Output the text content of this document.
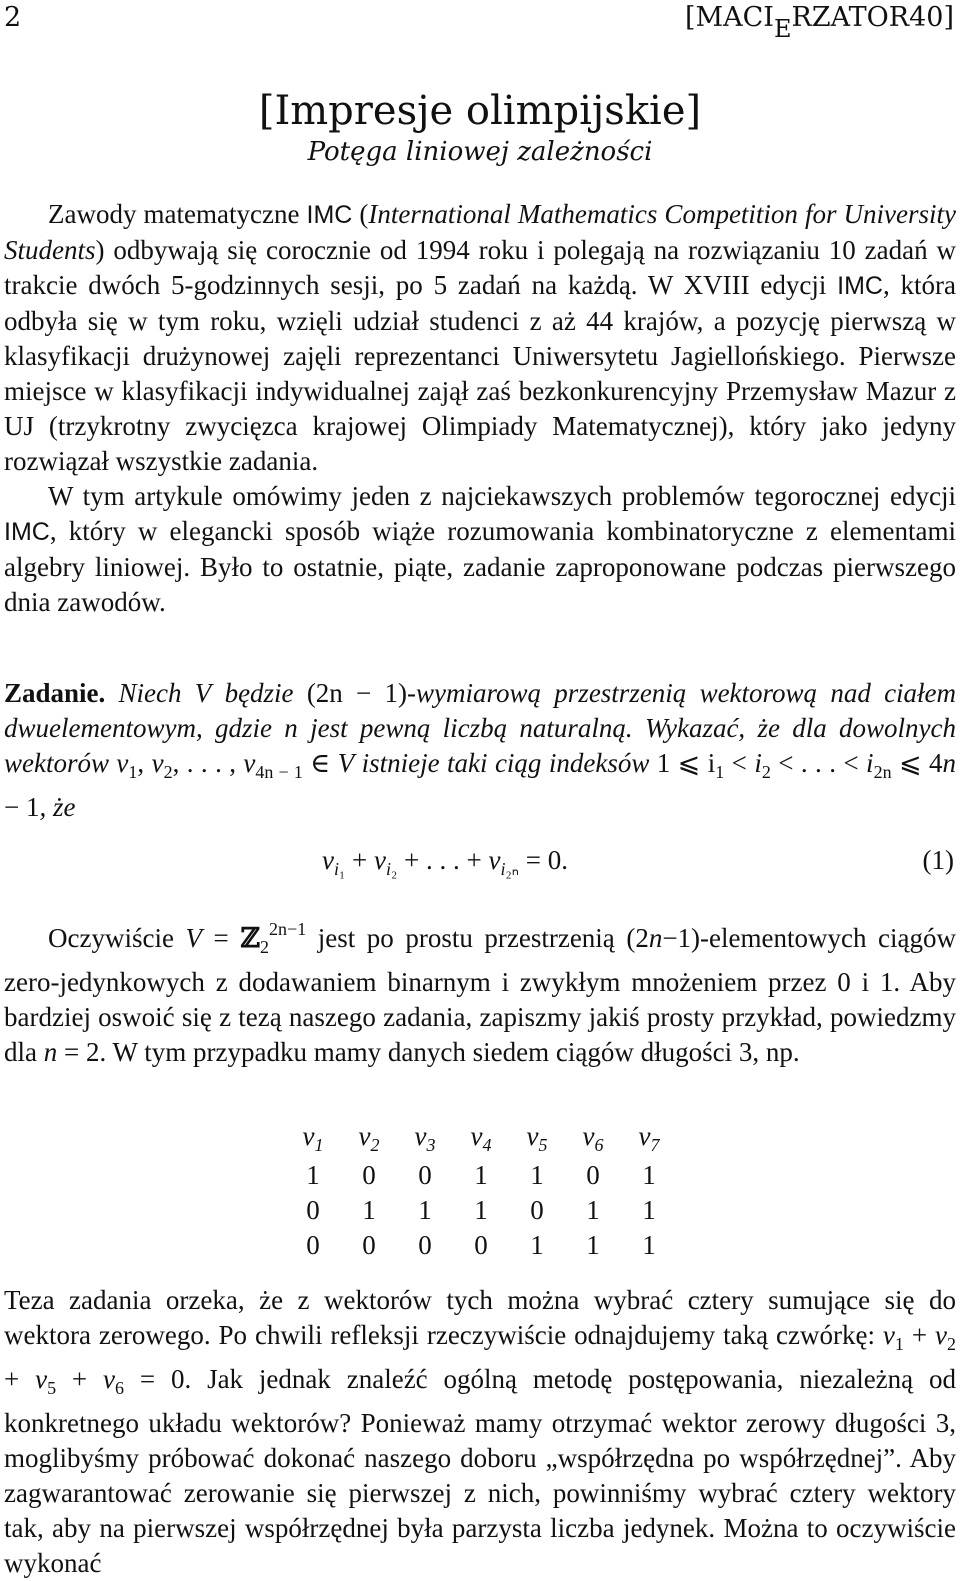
2	[MACIERZATOR40]
[Impresje olimpijskie]
Potęga liniowej zależności

Zawody matematyczne IMC (International Mathematics Competition for University Students) odbywają się corocznie od 1994 roku i polegają na rozwiązaniu 10 zadań w trakcie dwóch 5-godzinnych sesji, po 5 zadań na każdą. W XVIII edycji IMC, która odbyła się w tym roku, wzięli udział studenci z aż 44 krajów, a pozycję pierwszą w klasyfikacji drużynowej zajęli reprezentanci Uniwersytetu Jagiellońskiego. Pierwsze miejsce w klasyfikacji indywidualnej zajął zaś bezkonkurencyjny Przemysław Mazur z UJ (trzykrotny zwycięzca krajowej Olimpiady Matematycznej), który jako jedyny rozwiązał wszystkie zadania.

W tym artykule omówimy jeden z najciekawszych problemów tegorocznej edycji IMC, który w elegancki sposób wiąże rozumowania kombinatoryczne z elementami algebry liniowej. Było to ostatnie, piąte, zadanie zaproponowane podczas pierwszego dnia zawodów.

Zadanie. Niech V będzie (2n − 1)-wymiarową przestrzenią wektorową nad ciałem dwuelementowym, gdzie n jest pewną liczbą naturalną. Wykazać, że dla dowolnych wektorów $v_1$, $v_2$, . . . , $v_{4n - 1}$ ∈ V istnieje taki ciąg indeksów 1 ⩽ $i_1 < i_2$ < . . . < $i_{2n}$ ⩽ 4n − 1, że

$v_{i_1} + v_{i_2}$ + . . . + $v_{i_{2n}} = 0$.	(1)

Oczywiście V = ℤ$_2^{2n-1}$ jest po prostu przestrzenią (2n−1)-elementowych ciągów zero-jedynkowych z dodawaniem binarnym i zwykłym mnożeniem przez 0 i 1. Aby bardziej oswoić się z tezą naszego zadania, zapiszmy jakiś prosty przykład, powiedzmy dla n = 2. W tym przypadku mamy danych siedem ciągów długości 3, np.

$v_1$	$v_2$	$v_3$	$v_4$	$v_5$	$v_6$	$v_7$
1	0	0	1	1	0	1
0	1	1	1	0	1	1
0	0	0	0	1	1	1

Teza zadania orzeka, że z wektorów tych można wybrać cztery sumujące się do wektora zerowego. Po chwili refleksji rzeczywiście odnajdujemy taką czwórkę: $v_1 + v_2 + v_5 + v_6 = 0$. Jak jednak znaleźć ogólną metodę postępowania, niezależną od konkretnego układu wektorów? Ponieważ mamy otrzymać wektor zerowy długości 3, moglibyśmy próbować dokonać naszego doboru „współrzędna po współrzędnej”. Aby zagwarantować zerowanie się pierwszej z nich, powinniśmy wybrać cztery wektory tak, aby na pierwszej współrzędnej była parzysta liczba jedynek. Można to oczywiście wykonać
